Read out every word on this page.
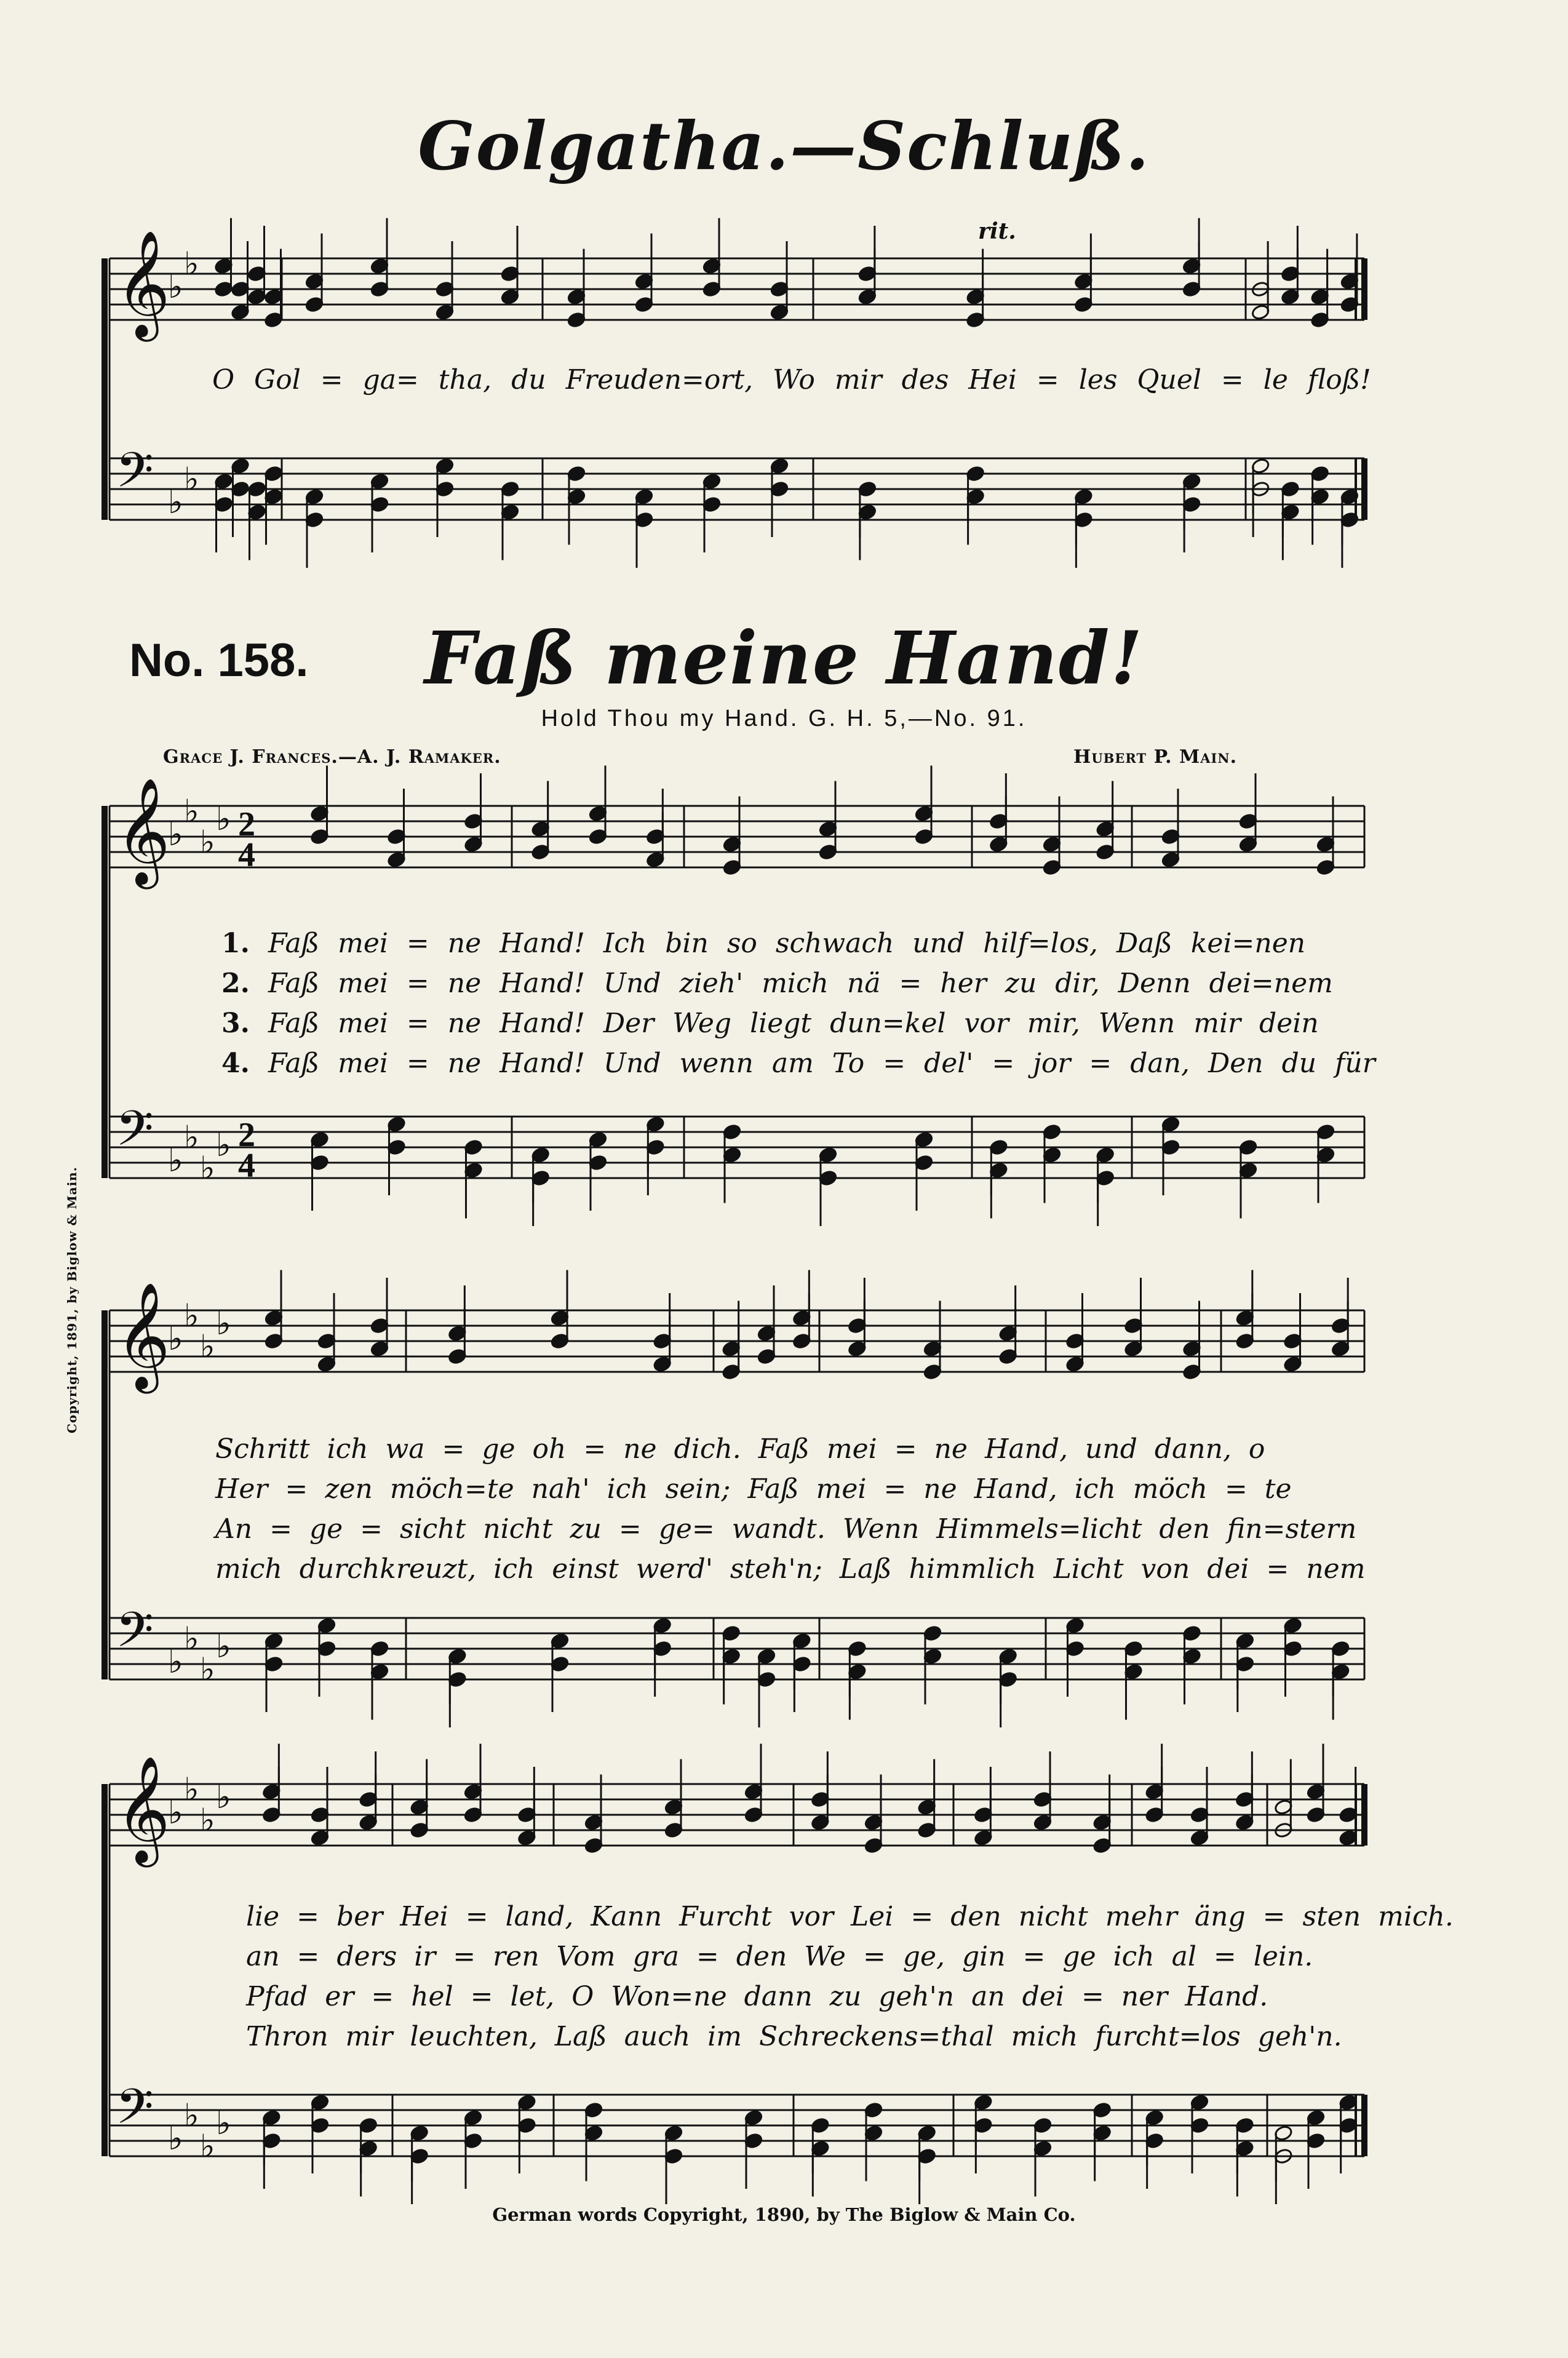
Golgatha.—Schluß.
No. 158.	Faß meine Hand!
Hold Thou my Hand. G. H. 5,—No. 91.
Grace J. Frances.—A. J. Ramaker.	Hubert P. Main.
Copyright, 1891, by Biglow & Main.
O Gol = ga= tha, du Freuden=ort, Wo mir des Hei = les Quel = le floß!
rit.
1. Faß mei = ne Hand! Ich bin so schwach und hilf=los, Daß kei=nen
2. Faß mei = ne Hand! Und zieh' mich nä = her zu dir, Denn dei=nem
3. Faß mei = ne Hand! Der Weg liegt dun=kel vor mir, Wenn mir dein
4. Faß mei = ne Hand! Und wenn am To = del' = jor = dan, Den du für
Schritt ich wa = ge oh = ne dich. Faß mei = ne Hand, und dann, o
Her = zen möch=te nah' ich sein; Faß mei = ne Hand, ich möch = te
An = ge = sicht nicht zu = ge= wandt. Wenn Himmels=licht den fin=stern
mich durchkreuzt, ich einst werd' steh'n; Laß himmlich Licht von dei = nem
lie = ber Hei = land, Kann Furcht vor Lei = den nicht mehr äng = sten mich.
an = ders ir = ren Vom gra = den We = ge, gin = ge ich al = lein.
Pfad er = hel = let, O Won=ne dann zu geh'n an dei = ner Hand.
Thron mir leuchten, Laß auch im Schreckens=thal mich furcht=los geh'n.
German words Copyright, 1890, by The Biglow & Main Co.
𝄞
𝄢
♭
♭
♭
♭
𝄞
𝄢
♭
♭
♭
♭
♭
♭
♭
♭
2
4
2
4
𝄞
𝄢
♭
♭
♭
♭
♭
♭
♭
♭
𝄞
𝄢
♭
♭
♭
♭
♭
♭
♭
♭
